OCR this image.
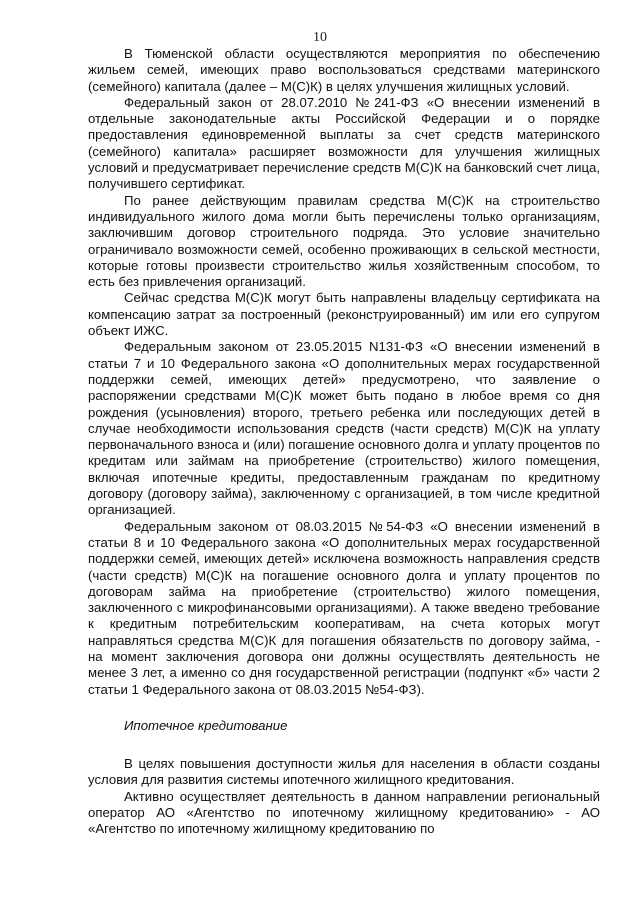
10

В Тюменской области осуществляются мероприятия по обеспечению жильем семей, имеющих право воспользоваться средствами материнского (семейного) капитала (далее – М(С)К) в целях улучшения жилищных условий.

Федеральный закон от 28.07.2010 №241-ФЗ «О внесении изменений в отдельные законодательные акты Российской Федерации и о порядке предоставления единовременной выплаты за счет средств материнского (семейного) капитала» расширяет возможности для улучшения жилищных условий и предусматривает перечисление средств М(С)К на банковский счет лица, получившего сертификат.

По ранее действующим правилам средства М(С)К на строительство индивидуального жилого дома могли быть перечислены только организациям, заключившим договор строительного подряда. Это условие значительно ограничивало возможности семей, особенно проживающих в сельской местности, которые готовы произвести строительство жилья хозяйственным способом, то есть без привлечения организаций.

Сейчас средства М(С)К могут быть направлены владельцу сертификата на компенсацию затрат за построенный (реконструированный) им или его супругом объект ИЖС.

Федеральным законом от 23.05.2015 N131-ФЗ «О внесении изменений в статьи 7 и 10 Федерального закона «О дополнительных мерах государственной поддержки семей, имеющих детей» предусмотрено, что заявление о распоряжении средствами М(С)К может быть подано в любое время со дня рождения (усыновления) второго, третьего ребенка или последующих детей в случае необходимости использования средств (части средств) М(С)К на уплату первоначального взноса и (или) погашение основного долга и уплату процентов по кредитам или займам на приобретение (строительство) жилого помещения, включая ипотечные кредиты, предоставленным гражданам по кредитному договору (договору займа), заключенному с организацией, в том числе кредитной организацией.

Федеральным законом от 08.03.2015 №54-ФЗ «О внесении изменений в статьи 8 и 10 Федерального закона «О дополнительных мерах государственной поддержки семей, имеющих детей» исключена возможность направления средств (части средств) М(С)К на погашение основного долга и уплату процентов по договорам займа на приобретение (строительство) жилого помещения, заключенного с микрофинансовыми организациями). А также введено требование к кредитным потребительским кооперативам, на счета которых могут направляться средства М(С)К для погашения обязательств по договору займа, - на момент заключения договора они должны осуществлять деятельность не менее 3 лет, а именно со дня государственной регистрации (подпункт «б» части 2 статьи 1 Федерального закона от 08.03.2015 №54-ФЗ).

Ипотечное кредитование

В целях повышения доступности жилья для населения в области созданы условия для развития системы ипотечного жилищного кредитования.

Активно осуществляет деятельность в данном направлении региональный оператор АО «Агентство по ипотечному жилищному кредитованию» - АО «Агентство по ипотечному жилищному кредитованию по
